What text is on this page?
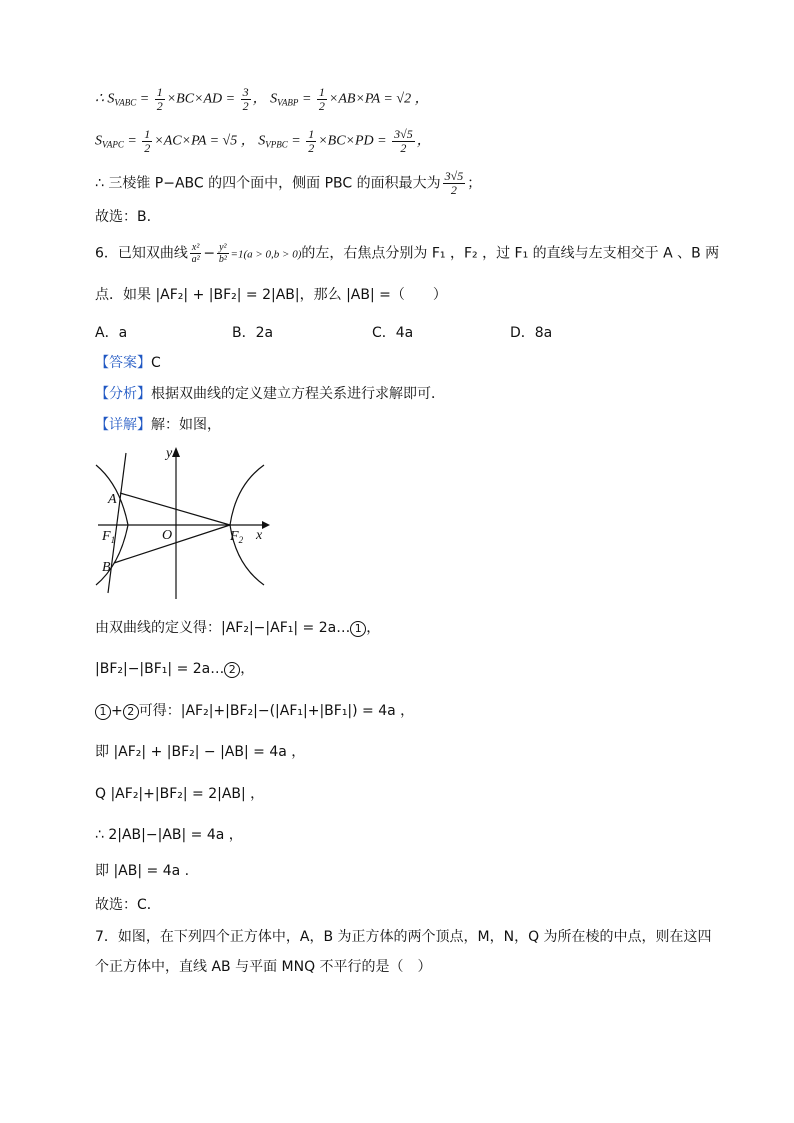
∴ $S_{VABC} = \frac{1}{2} \times BC\times AD = \frac{3}{2}$ ， $S_{VABP} = \frac{1}{2} \times AB\times PA = √2$ ，
$S_{VAPC} = \frac{1}{2} \times AC\times PA = √5$ ， $S_{VPBC} = \frac{1}{2} \times BC\times PD = \frac{3√5}{2}$ ，
∴ 三棱锥 P−ABC 的四个面中，侧面 PBC 的面积最大为 $\frac{3√5}{2}$ ；
故选：B.
6．已知双曲线 $\frac{\text{x²}}{\text{a²}} - \frac{\text{y²}}{\text{b²}} =1(a > 0,b > 0)$的左，右焦点分别为 F₁ ，F₂ ，过 F₁ 的直线与左支相交于 A 、B 两
点．如果 |AF₂| + |BF₂| = 2|AB|，那么 |AB| =（　　）
A．a	B．2a	C．4a	D．8a
【答案】C
【分析】根据双曲线的定义建立方程关系进行求解即可．
【详解】解：如图，
A
B
$F_1$	$F_2$
O
y
x
由双曲线的定义得：|AF₂|−|AF₁| = 2a… 1 ，
|BF₂|−|BF₁| = 2a… 2 ，
1 + 2 可得：|AF₂|+|BF₂|−(|AF₁|+|BF₁|) = 4a ，
即 |AF₂| + |BF₂| − |AB| = 4a ，
Q |AF₂|+|BF₂| = 2|AB| ，
∴ 2|AB|−|AB| = 4a ，
即 |AB| = 4a .
故选：C．
7．如图，在下列四个正方体中，A，B 为正方体的两个顶点，M，N，Q 为所在棱的中点，则在这四
个正方体中，直线 AB 与平面 MNQ 不平行的是（　）
